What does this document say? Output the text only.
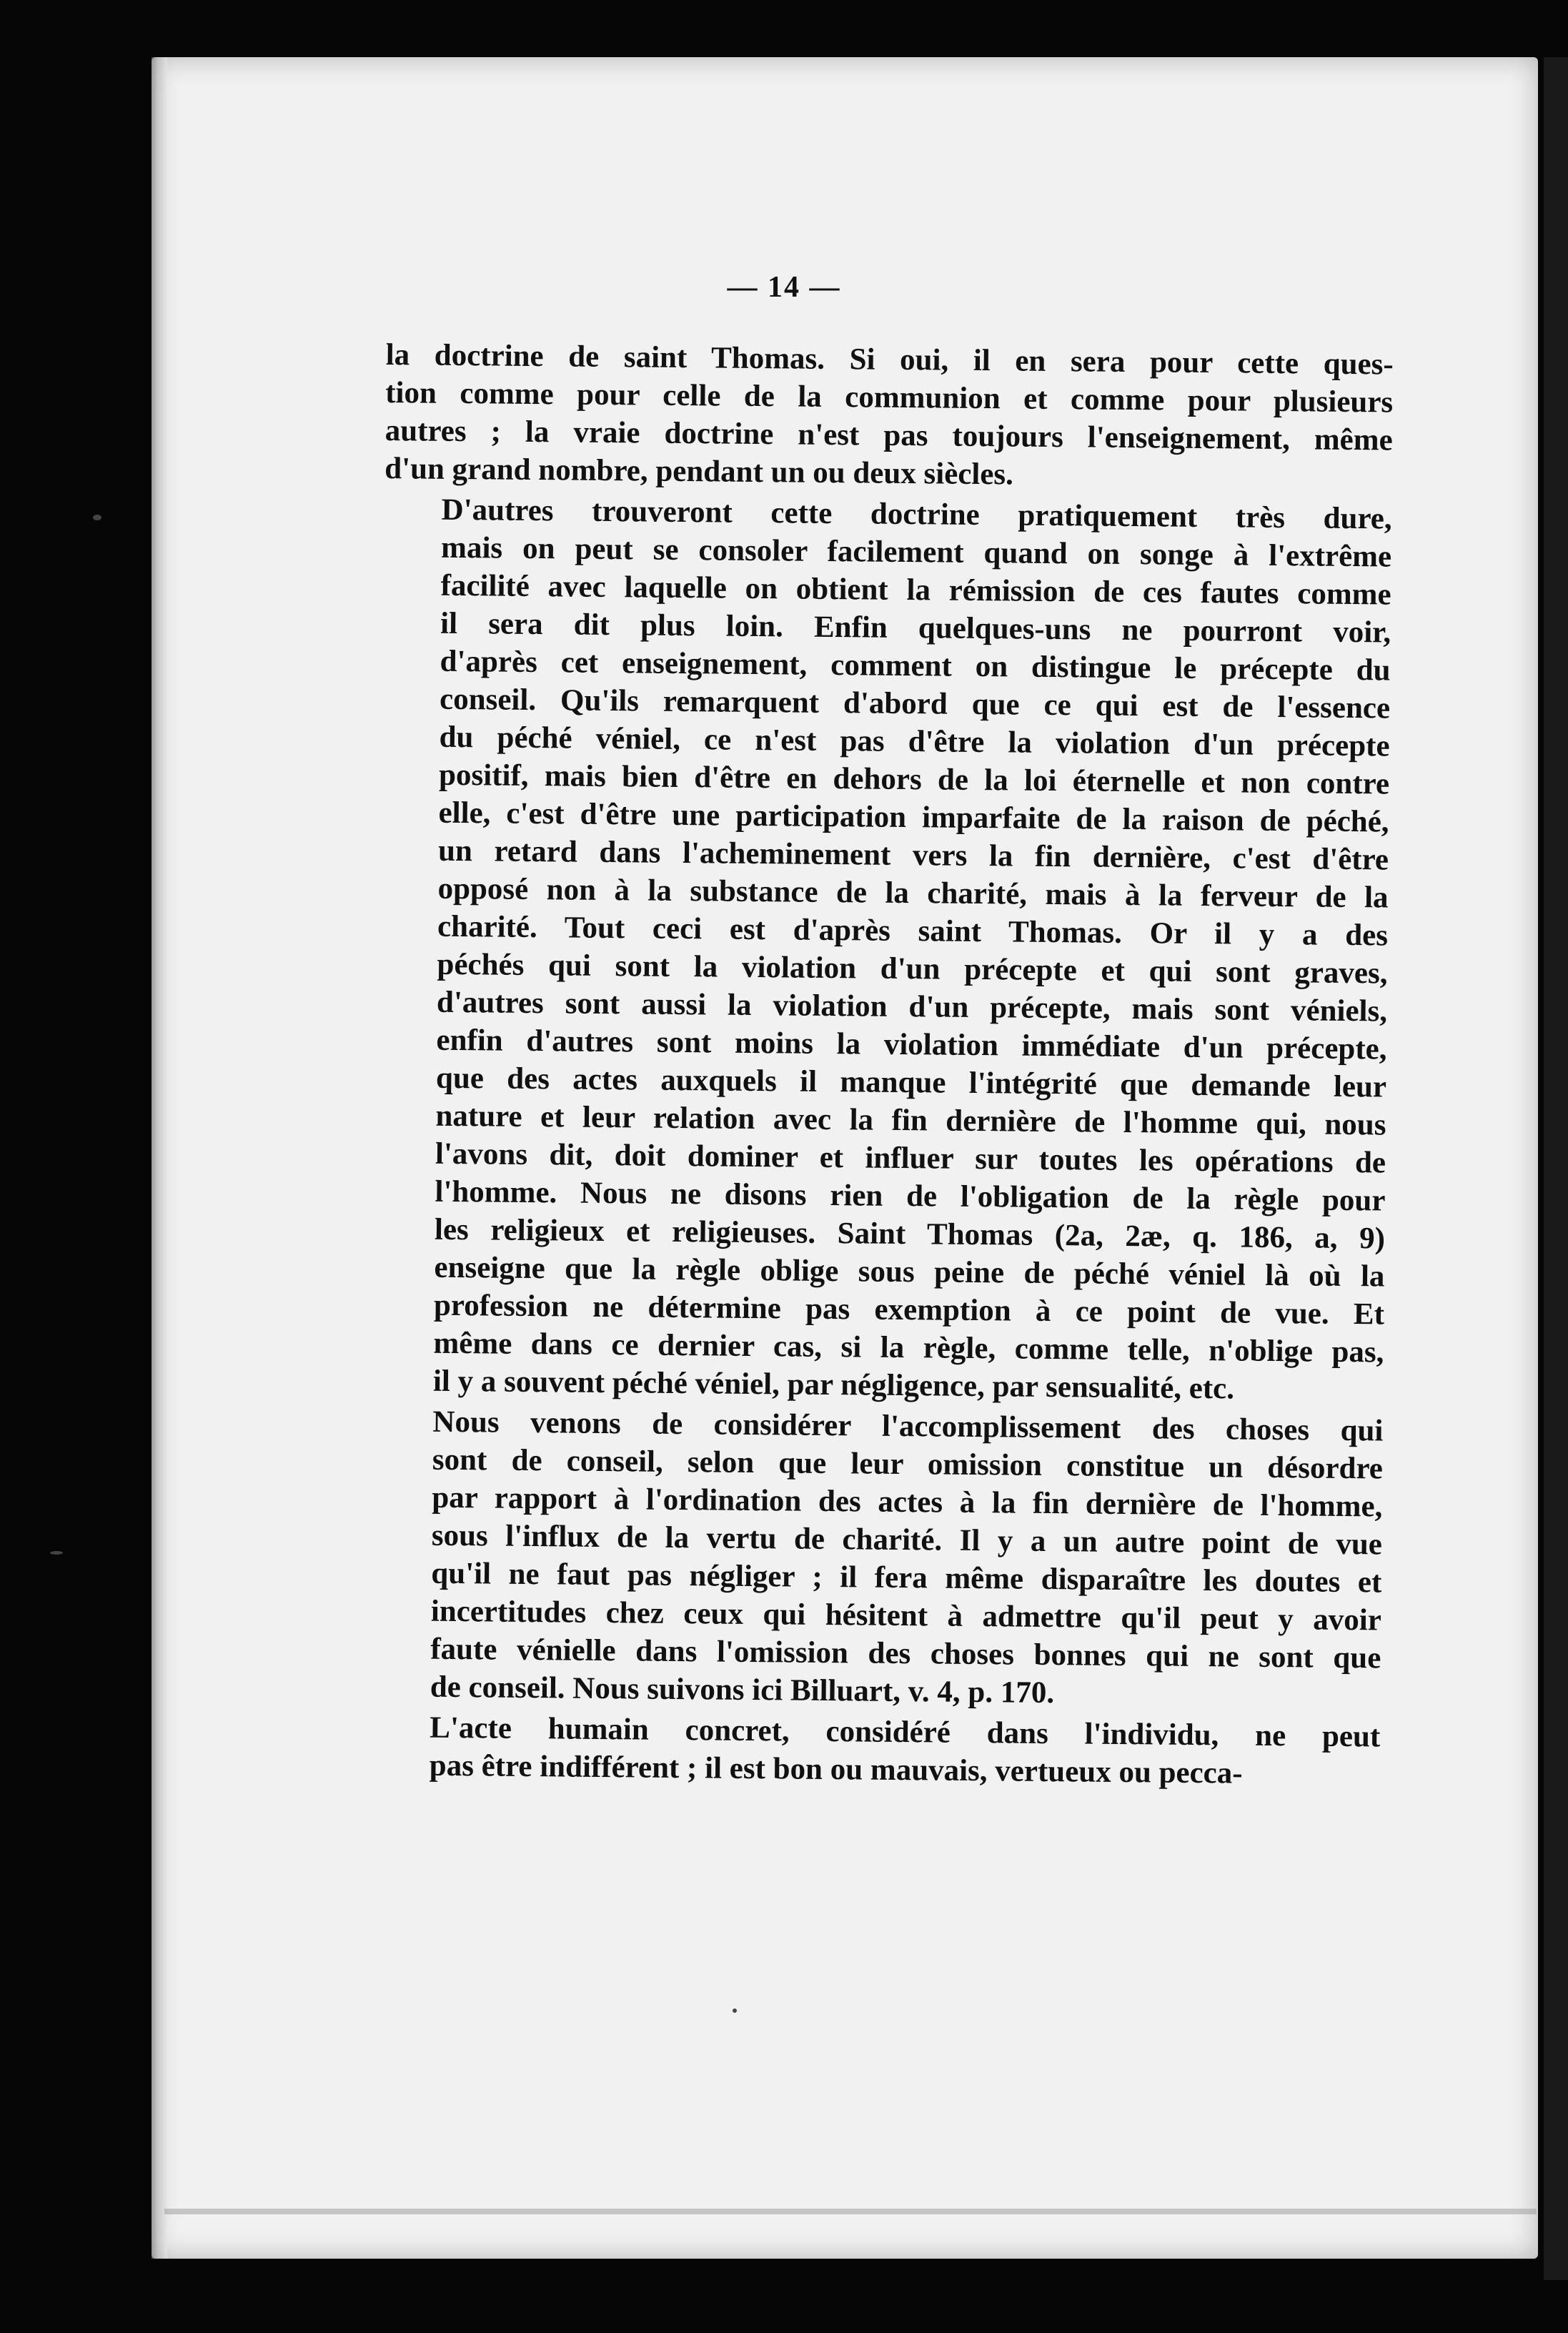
— 14 —

la doctrine de saint Thomas. Si oui, il en sera pour cette ques-
tion comme pour celle de la communion et comme pour plusieurs
autres ; la vraie doctrine n'est pas toujours l'enseignement, même
d'un grand nombre, pendant un ou deux siècles.

D'autres trouveront cette doctrine pratiquement très dure,
mais on peut se consoler facilement quand on songe à l'extrême
facilité avec laquelle on obtient la rémission de ces fautes comme
il sera dit plus loin. Enfin quelques-uns ne pourront voir,
d'après cet enseignement, comment on distingue le précepte du
conseil. Qu'ils remarquent d'abord que ce qui est de l'essence
du péché véniel, ce n'est pas d'être la violation d'un précepte
positif, mais bien d'être en dehors de la loi éternelle et non contre
elle, c'est d'être une participation imparfaite de la raison de péché,
un retard dans l'acheminement vers la fin dernière, c'est d'être
opposé non à la substance de la charité, mais à la ferveur de la
charité. Tout ceci est d'après saint Thomas. Or il y a des
péchés qui sont la violation d'un précepte et qui sont graves,
d'autres sont aussi la violation d'un précepte, mais sont véniels,
enfin d'autres sont moins la violation immédiate d'un précepte,
que des actes auxquels il manque l'intégrité que demande leur
nature et leur relation avec la fin dernière de l'homme qui, nous
l'avons dit, doit dominer et influer sur toutes les opérations de
l'homme. Nous ne disons rien de l'obligation de la règle pour
les religieux et religieuses. Saint Thomas (2a, 2æ, q. 186, a, 9)
enseigne que la règle oblige sous peine de péché véniel là où la
profession ne détermine pas exemption à ce point de vue. Et
même dans ce dernier cas, si la règle, comme telle, n'oblige pas,
il y a souvent péché véniel, par négligence, par sensualité, etc.

Nous venons de considérer l'accomplissement des choses qui
sont de conseil, selon que leur omission constitue un désordre
par rapport à l'ordination des actes à la fin dernière de l'homme,
sous l'influx de la vertu de charité. Il y a un autre point de vue
qu'il ne faut pas négliger ; il fera même disparaître les doutes et
incertitudes chez ceux qui hésitent à admettre qu'il peut y avoir
faute vénielle dans l'omission des choses bonnes qui ne sont que
de conseil. Nous suivons ici Billuart, v. 4, p. 170.

L'acte humain concret, considéré dans l'individu, ne peut
pas être indifférent ; il est bon ou mauvais, vertueux ou pecca-
